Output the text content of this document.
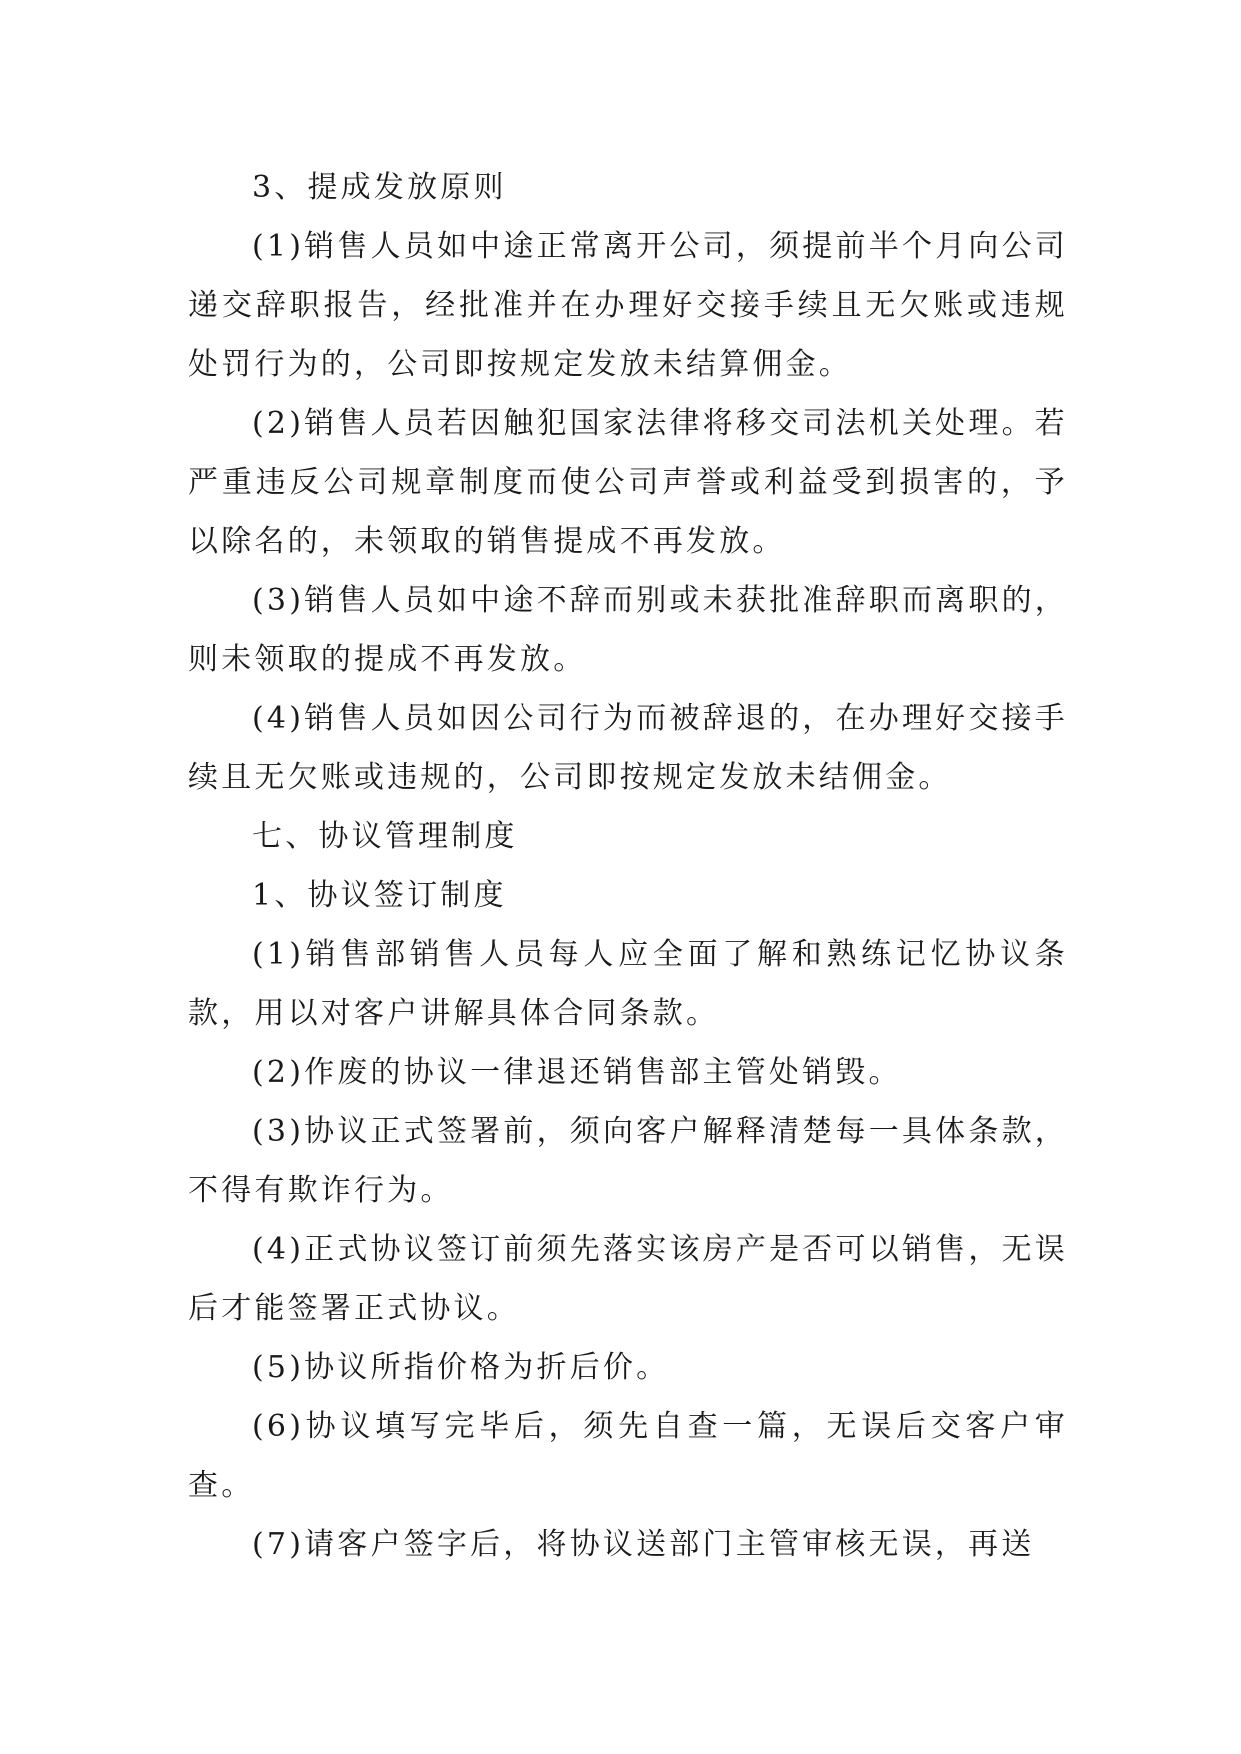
3、提成发放原则

(1)销售人员如中途正常离开公司，须提前半个月向公司递交辞职报告，经批准并在办理好交接手续且无欠账或违规处罚行为的，公司即按规定发放未结算佣金。

(2)销售人员若因触犯国家法律将移交司法机关处理。若严重违反公司规章制度而使公司声誉或利益受到损害的，予以除名的，未领取的销售提成不再发放。

(3)销售人员如中途不辞而别或未获批准辞职而离职的，则未领取的提成不再发放。

(4)销售人员如因公司行为而被辞退的，在办理好交接手续且无欠账或违规的，公司即按规定发放未结佣金。

七、协议管理制度

1、协议签订制度

(1)销售部销售人员每人应全面了解和熟练记忆协议条款，用以对客户讲解具体合同条款。

(2)作废的协议一律退还销售部主管处销毁。

(3)协议正式签署前，须向客户解释清楚每一具体条款，不得有欺诈行为。

(4)正式协议签订前须先落实该房产是否可以销售，无误后才能签署正式协议。

(5)协议所指价格为折后价。

(6)协议填写完毕后，须先自查一篇，无误后交客户审查。

(7)请客户签字后，将协议送部门主管审核无误，再送
